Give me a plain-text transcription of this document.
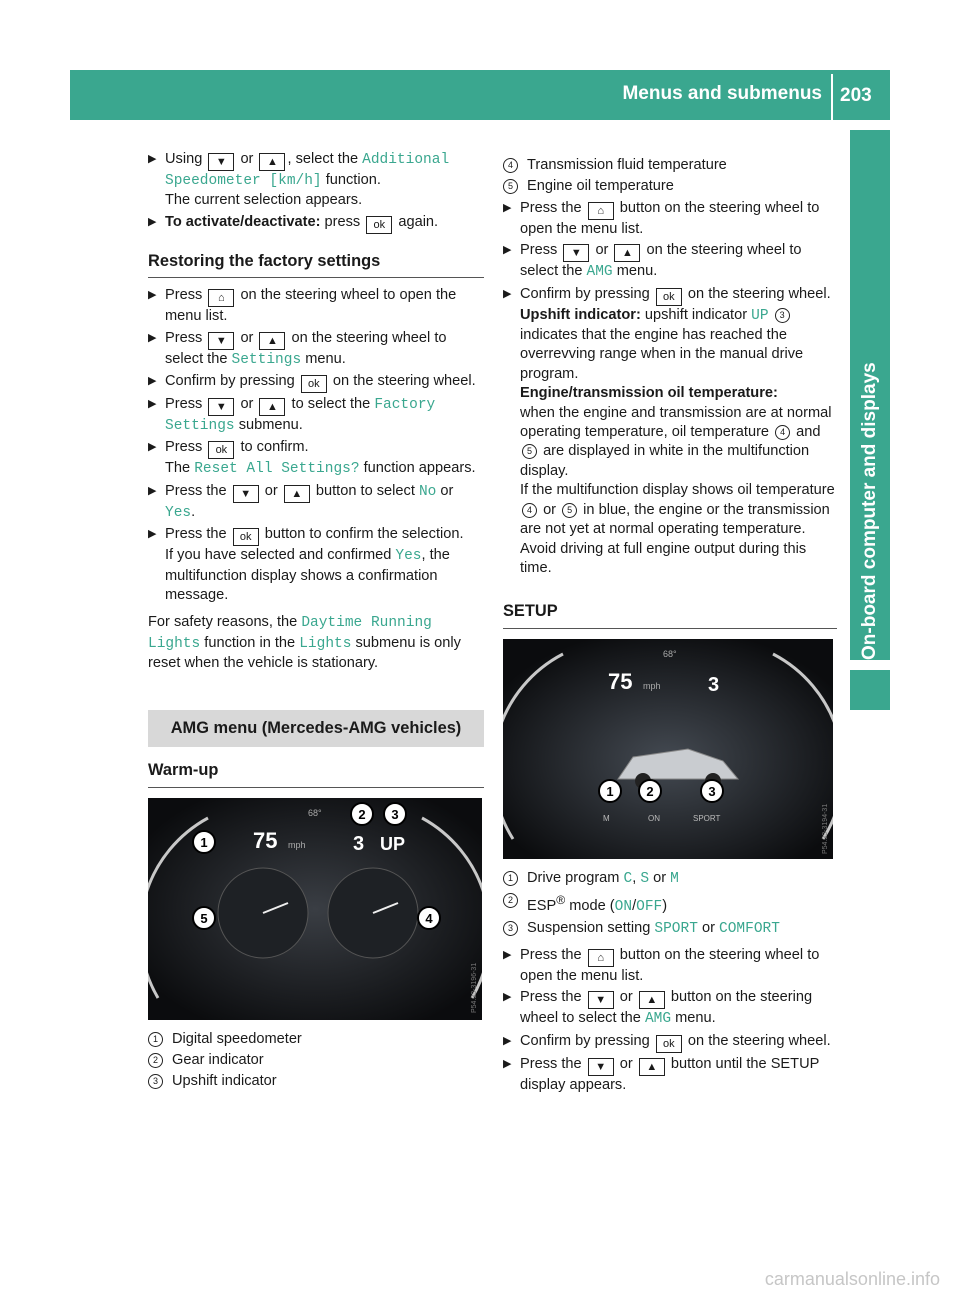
Menus and submenus 203
On-board computer and displays
▶ Using ▼ or ▲ , select the Additional Speedometer [km/h] function.
The current selection appears.
▶ To activate/deactivate: press ok again.
Restoring the factory settings
▶ Press ⌂ on the steering wheel to open the menu list.
▶ Press ▼ or ▲ on the steering wheel to select the Settings menu.
▶ Confirm by pressing ok on the steering wheel.
▶ Press ▼ or ▲ to select the Factory Settings submenu.
▶ Press ok to confirm.
The Reset All Settings? function appears.
▶ Press the ▼ or ▲ button to select No or Yes.
▶ Press the ok button to confirm the selection.
If you have selected and confirmed Yes, the multifunction display shows a confirmation message.

For safety reasons, the Daytime Running Lights function in the Lights submenu is only reset when the vehicle is stationary.

AMG menu (Mercedes-AMG vehicles)
Warm-up
75 mph
68°
3 UP
P54.33-3196-31
1
2 3
4
5
1 Digital speedometer
2 Gear indicator
3 Upshift indicator
4 Transmission fluid temperature
5 Engine oil temperature
▶ Press the ⌂ button on the steering wheel to open the menu list.
▶ Press ▼ or ▲ on the steering wheel to select the AMG menu.
▶ Confirm by pressing ok on the steering wheel.
Upshift indicator: upshift indicator UP 3 indicates that the engine has reached the overrevving range when in the manual drive program.
Engine/transmission oil temperature:
when the engine and transmission are at normal operating temperature, oil temperature 4 and 5 are displayed in white in the multifunction display.
If the multifunction display shows oil temperature 4 or 5 in blue, the engine or the transmission are not yet at normal operating temperature. Avoid driving at full engine output during this time.
SETUP
75 mph
68°
3
M	ON	SPORT	P54.33-3194-31
1	2	3
1 Drive program C, S or M
2 ESP® mode (ON/OFF)
3 Suspension setting SPORT or COMFORT
▶ Press the ⌂ button on the steering wheel to open the menu list.
▶ Press the ▼ or ▲ button on the steering wheel to select the AMG menu.
▶ Confirm by pressing ok on the steering wheel.
▶ Press the ▼ or ▲ button until the SETUP display appears.
carmanualsonline.info
